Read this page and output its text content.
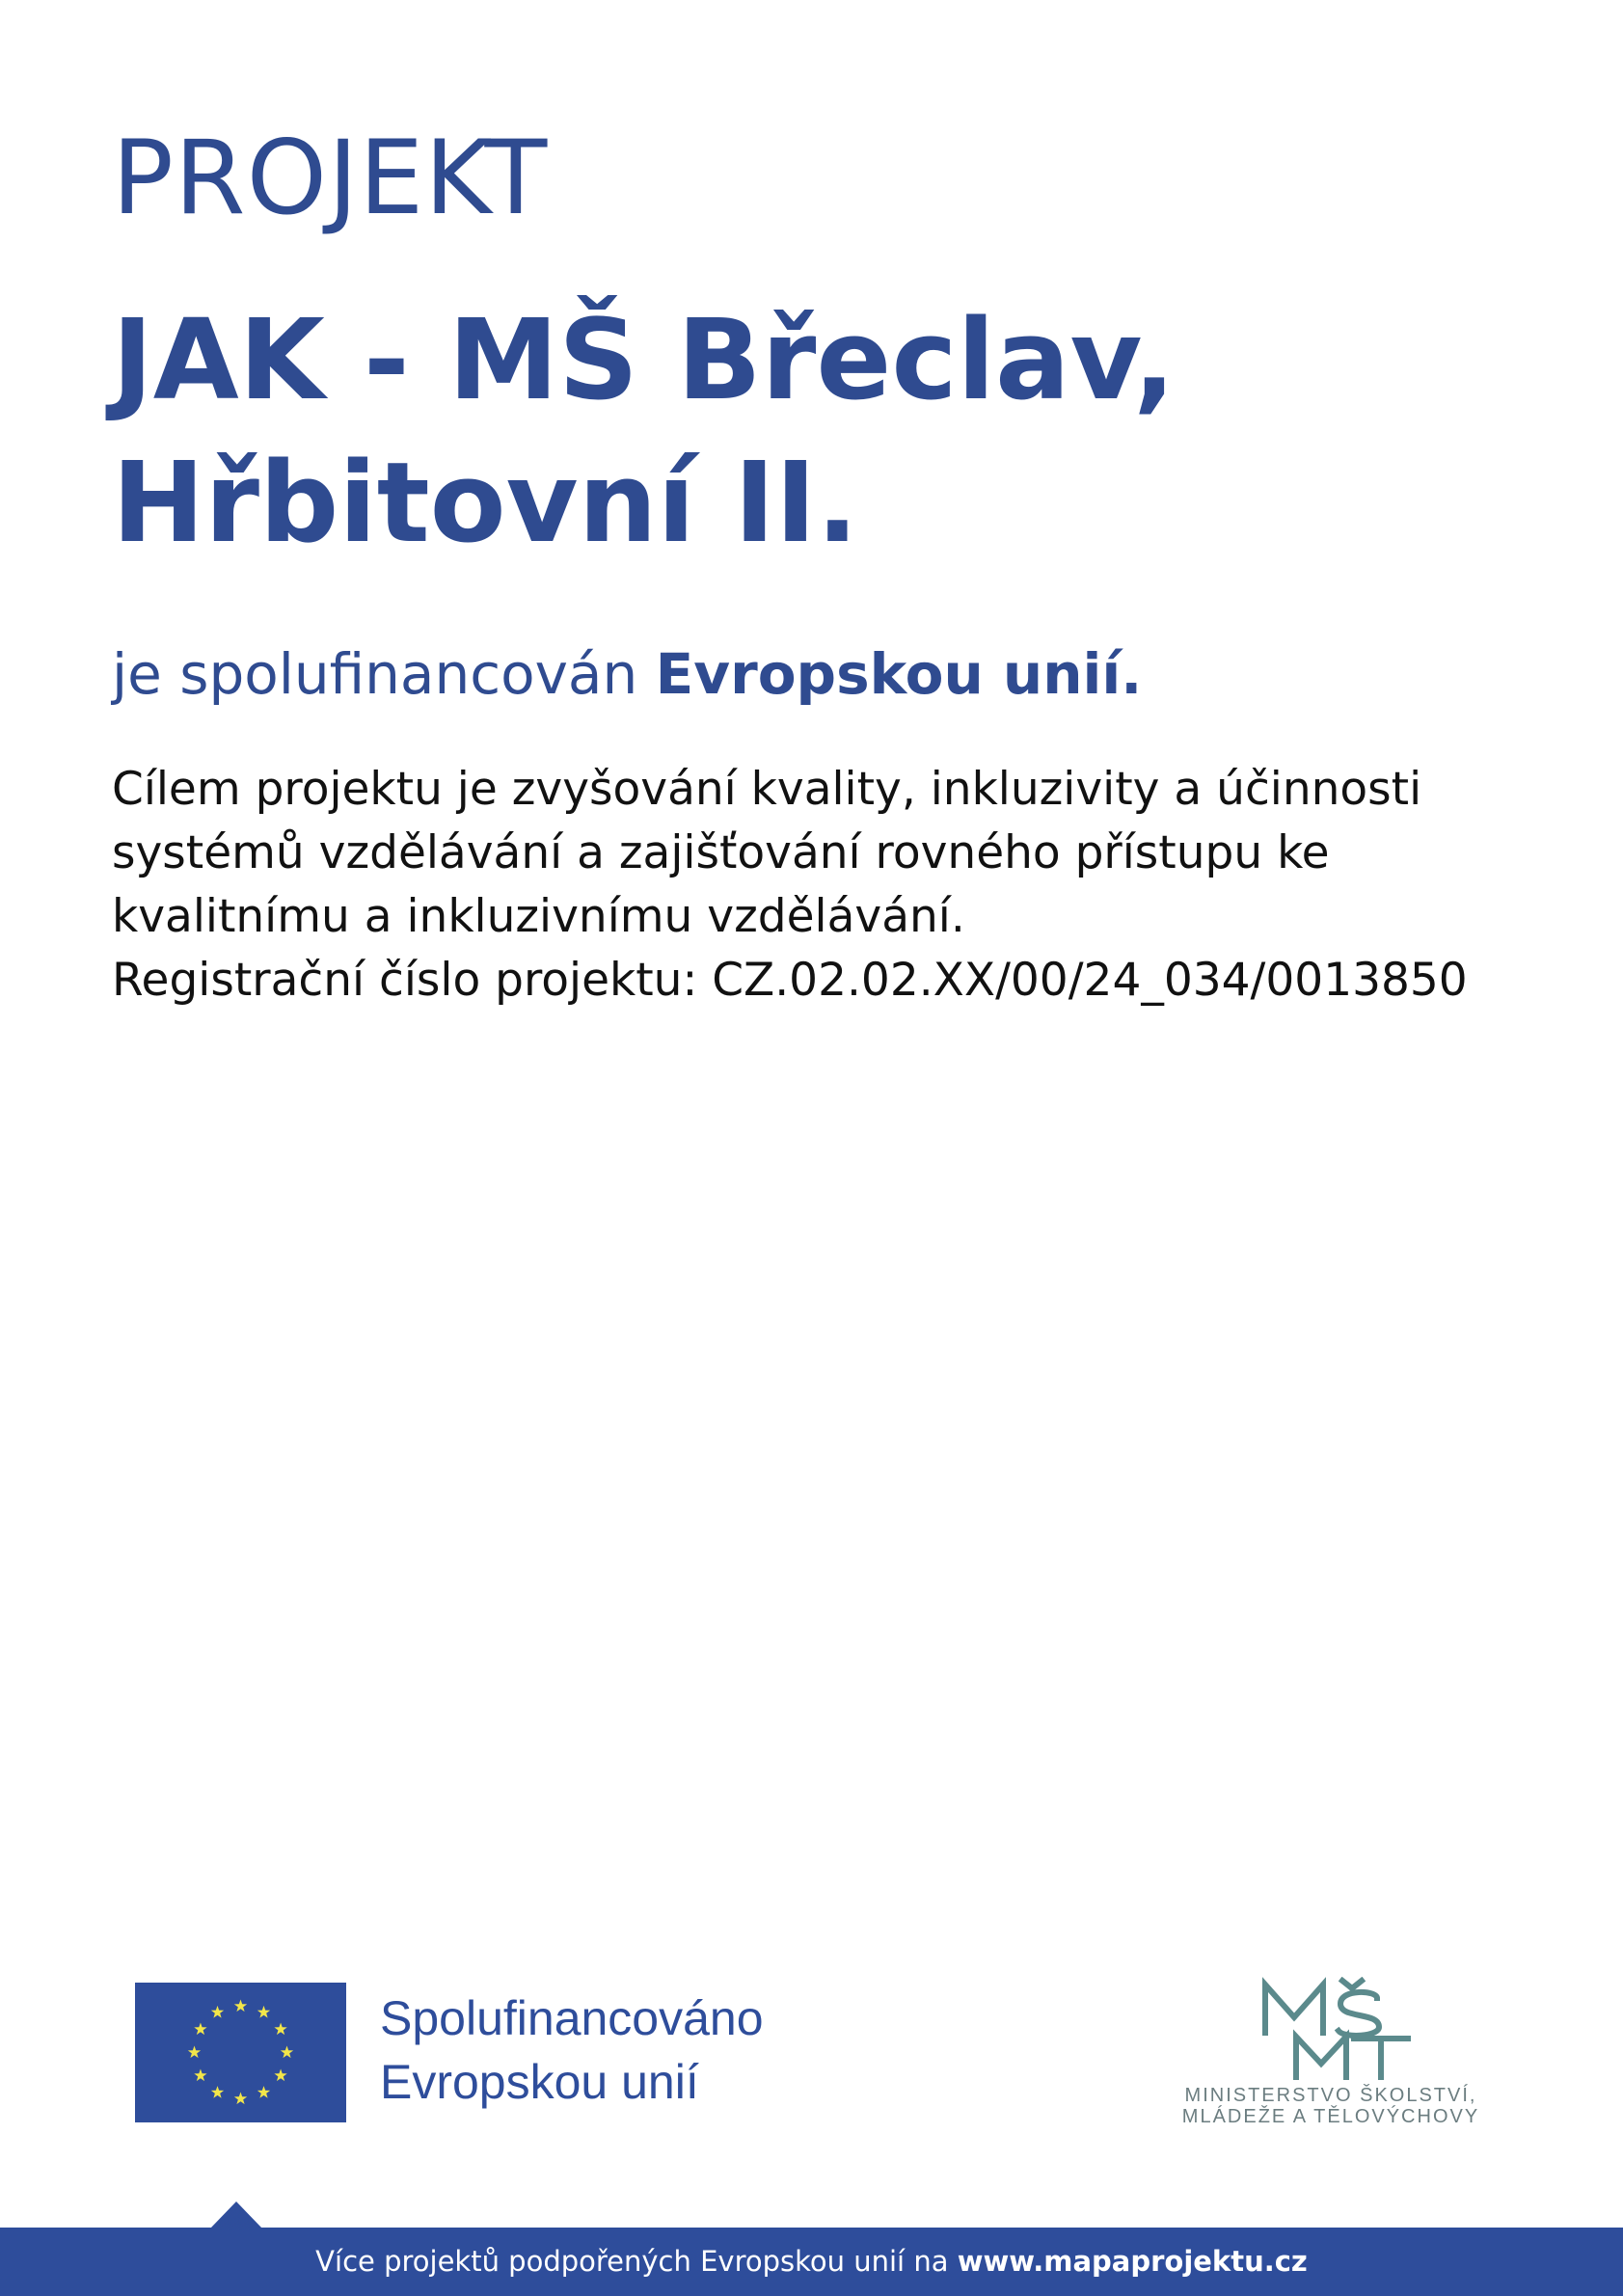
PROJEKT
JAK - MŠ Břeclav,
Hřbitovní II.
je spolufinancován Evropskou unií.

Cílem projektu je zvyšování kvality, inkluzivity a účinnosti

systémů vzdělávání a zajišťování rovného přístupu ke

kvalitnímu a inkluzivnímu vzdělávání.

Registrační číslo projektu: CZ.02.02.XX/00/24_034/0013850

Spolufinancováno
Evropskou unií	MINISTERSTVO ŠKOLSTVÍ,
MLÁDEŽE A TĚLOVÝCHOVY
Více projektů podpořených Evropskou unií na www.mapaprojektu.cz
